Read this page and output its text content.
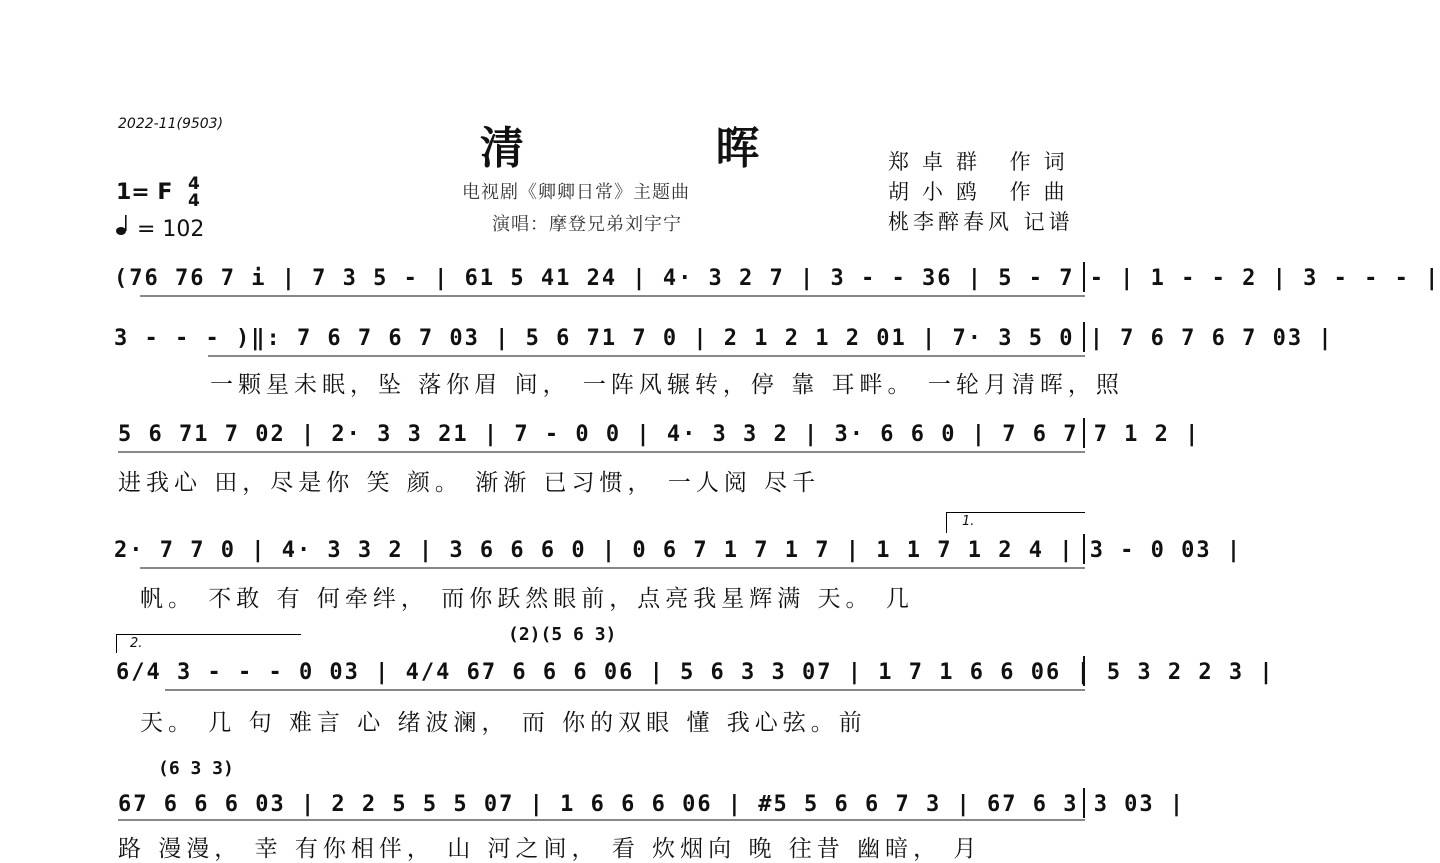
2022-11(9503)	清 晖
电视剧《卿卿日常》主题曲
演唱：摩登兄弟刘宇宁
郑卓群 作词
胡小鸥 作曲
桃李醉春风 记谱
1= F 4
4
= 102
(76 76 7 i | 7 3 5 - | 61 5 41 24 | 4· 3 2 7 | 3 - - 36 | 5 - 7 - | 1 - - 2 | 3 - - - |
3 - - - )‖: 7 6 7 6 7 03 | 5 6 71 7 0 | 2 1 2 1 2 01 | 7· 3 5 0 | 7 6 7 6 7 03 |
一颗星未眠，坠 落你眉 间， 一阵风辗转，停 靠 耳畔。 一轮月清晖，照
5 6 71 7 02 | 2· 3 3 21 | 7 - 0 0 | 4· 3 3 2 | 3· 6 6 0 | 7 6 7 7 1 2 |
进我心 田，尽是你 笑 颜。 渐渐 已习惯， 一人阅 尽千
1.
2· 7 7 0 | 4· 3 3 2 | 3 6 6 6 0 | 0 6 7 1 7 1 7 | 1 1 7 1 2 4 | 3 - 0 03 |
帆。 不敢 有 何牵绊， 而你跃然眼前，点亮我星辉满 天。 几
2.	(2)(5 6 3)
6/4 3 - - - 0 03 | 4/4 67 6 6 6 06 | 5 6 3 3 07 | 1 7 1 6 6 06 | 5 3 2 2 3 |
天。 几 句 难言 心 绪波澜， 而 你的双眼 懂 我心弦。前
(6 3 3)
67 6 6 6 03 | 2 2 5 5 5 07 | 1 6 6 6 06 | #5 5 6 6 7 3 | 67 6 3 3 03 |
路 漫漫， 幸 有你相伴， 山 河之间， 看 炊烟向 晚 往昔 幽暗， 月
